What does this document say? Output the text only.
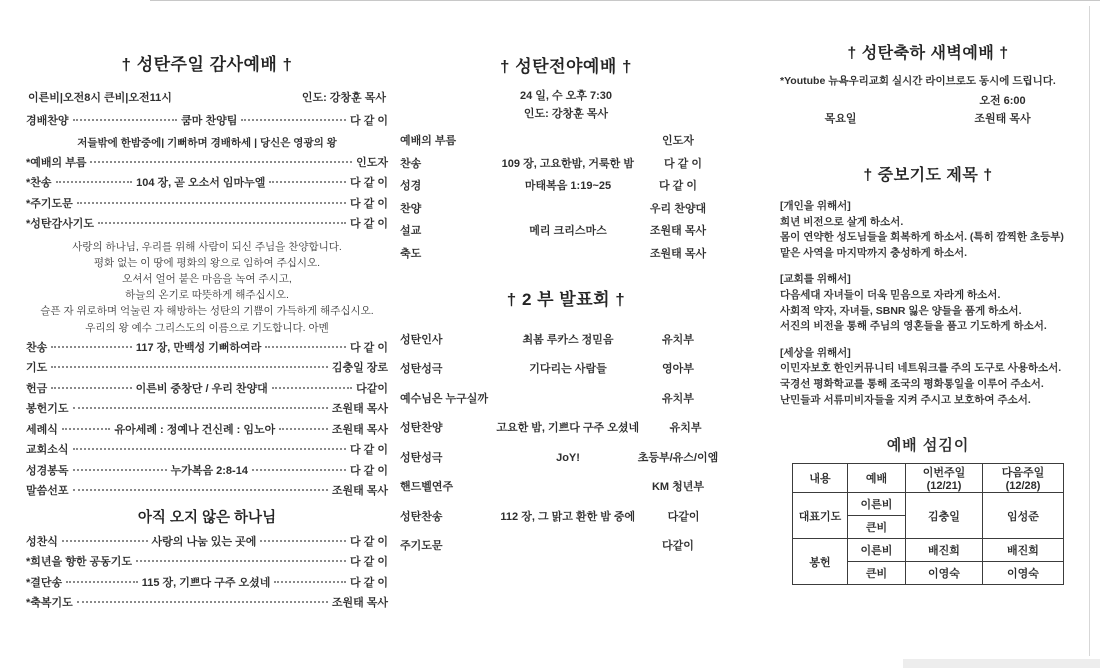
† 성탄주일 감사예배 †
이른비|오전8시 큰비|오전11시	인도: 강창훈 목사
경배찬양	쿰마 찬양팀	다 같 이
저들밖에 한밤중에| 기뻐하며 경배하세 | 당신은 영광의 왕
*예배의 부름	인도자
*찬송	104 장, 곧 오소서 임마누엘	다 같 이
*주기도문	다 같 이
*성탄감사기도	다 같 이
사랑의 하나님, 우리를 위해 사람이 되신 주님을 찬양합니다.
평화 없는 이 땅에 평화의 왕으로 임하여 주십시오.
오셔서 얼어 붙은 마음을 녹여 주시고,
하늘의 온기로 따뜻하게 해주십시오.
슬픈 자 위로하며 억눌린 자 해방하는 성탄의 기쁨이 가득하게 해주십시오.
우리의 왕 예수 그리스도의 이름으로 기도합니다. 아멘
찬송	117 장, 만백성 기뻐하여라	다 같 이
기도	김충일 장로
헌금	이른비 중창단 / 우리 찬양대	다같이
봉헌기도	조원태 목사
세례식	유아세례 : 정예나 건신례 : 임노아	조원태 목사
교회소식	다 같 이
성경봉독	누가복음 2:8-14	다 같 이
말씀선포	조원태 목사
아직 오지 않은 하나님
성찬식	사랑의 나눔 있는 곳에	다 같 이
*희년을 향한 공동기도	다 같 이
*결단송	115 장, 기쁘다 구주 오셨네	다 같 이
*축복기도	조원태 목사
† 성탄전야예배 †
24 일, 수 오후 7:30
인도: 강창훈 목사
예배의 부름	인도자
찬송	109 장, 고요한밤, 거룩한 밤	다 같 이
성경	마태복음 1:19~25	다 같 이
찬양	우리 찬양대
설교	메리 크리스마스	조원태 목사
축도	조원태 목사
† 2 부 발표회 †
성탄인사	최봄 루카스 정믿음	유치부
성탄성극	기다리는 사람들	영아부
예수님은 누구실까	유치부
성탄찬양	고요한 밤, 기쁘다 구주 오셨네	유치부
성탄성극	JoY!	초등부/유스/이엠
핸드벨연주	KM 청년부
성탄찬송	112 장, 그 맑고 환한 밤 중에	다같이
주기도문	다같이
† 성탄축하 새벽예배 †
*Youtube 뉴욕우리교회 실시간 라이브로도 동시에 드립니다.
오전 6:00
목요일	조원태 목사
† 중보기도 제목 †
[개인을 위해서]
희년 비전으로 살게 하소서.
몸이 연약한 성도님들을 회복하게 하소서. (특히 깜찍한 초등부)
맡은 사역을 마지막까지 충성하게 하소서.
[교회를 위해서]
다음세대 자녀들이 더욱 믿음으로 자라게 하소서.
사회적 약자, 자녀들, SBNR 잃은 양들을 품게 하소서.
서진의 비전을 통해 주님의 영혼들을 품고 기도하게 하소서.
[세상을 위해서]
이민자보호 한인커뮤니티 네트워크를 주의 도구로 사용하소서.
국경선 평화학교를 통해 조국의 평화통일을 이루어 주소서.
난민들과 서류미비자들을 지켜 주시고 보호하여 주소서.
예배 섬김이
내용	예배	이번주일(12/21)	다음주일(12/28)
대표기도	이른비	김충일	임성준
	큰비		
봉헌	이른비	배진희	배진희
	큰비	이영숙	이영숙
